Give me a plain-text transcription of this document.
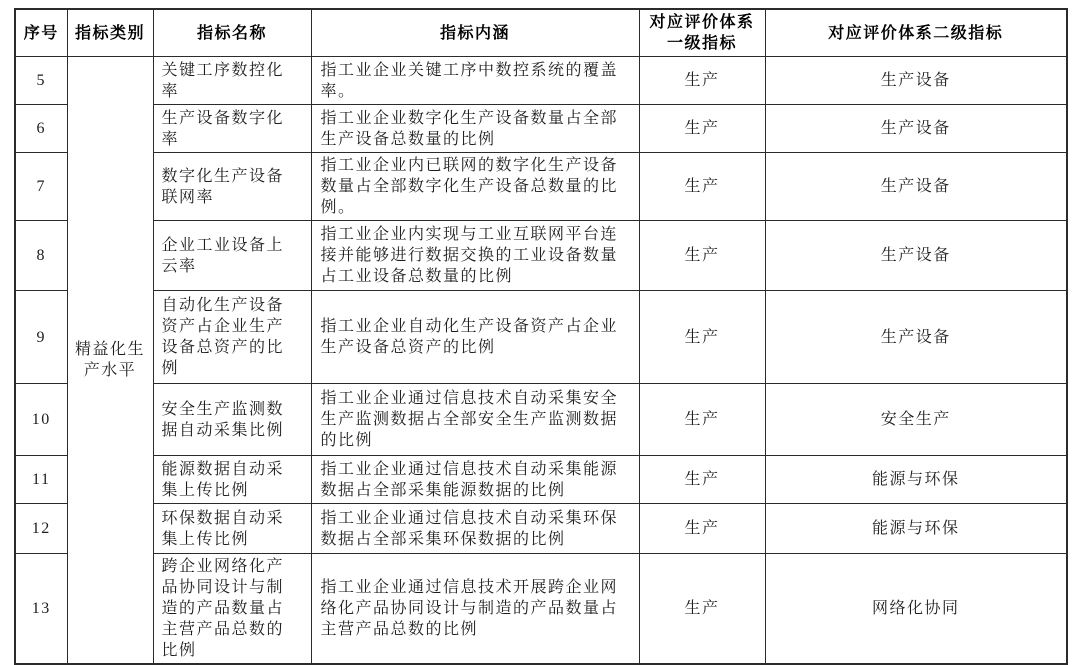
序号	指标类别	指标名称	指标内涵	对应评价体系一级指标	对应评价体系二级指标
5	精益化生产水平	关键工序数控化率	指工业企业关键工序中数控系统的覆盖率。	生产	生产设备
6		生产设备数字化率	指工业企业数字化生产设备数量占全部生产设备总数量的比例	生产	生产设备
7		数字化生产设备联网率	指工业企业内已联网的数字化生产设备数量占全部数字化生产设备总数量的比例。	生产	生产设备
8		企业工业设备上云率	指工业企业内实现与工业互联网平台连接并能够进行数据交换的工业设备数量占工业设备总数量的比例	生产	生产设备
9		自动化生产设备资产占企业生产设备总资产的比例	指工业企业自动化生产设备资产占企业生产设备总资产的比例	生产	生产设备
10		安全生产监测数据自动采集比例	指工业企业通过信息技术自动采集安全生产监测数据占全部安全生产监测数据的比例	生产	安全生产
11		能源数据自动采集上传比例	指工业企业通过信息技术自动采集能源数据占全部采集能源数据的比例	生产	能源与环保
12		环保数据自动采集上传比例	指工业企业通过信息技术自动采集环保数据占全部采集环保数据的比例	生产	能源与环保
13		跨企业网络化产品协同设计与制造的产品数量占主营产品总数的比例	指工业企业通过信息技术开展跨企业网络化产品协同设计与制造的产品数量占主营产品总数的比例	生产	网络化协同
